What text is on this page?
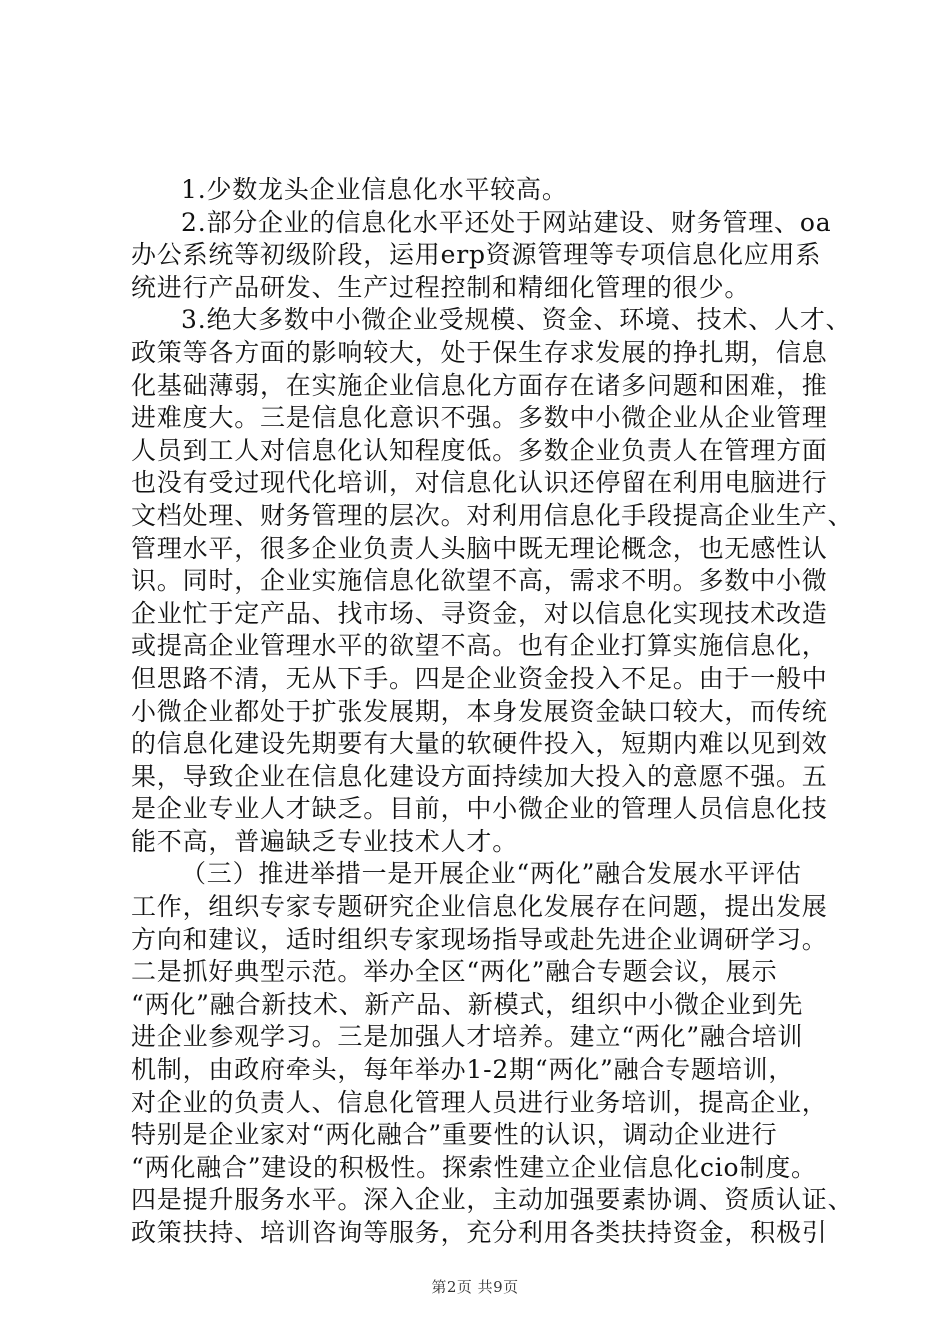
1.少数龙头企业信息化水平较高。
2.部分企业的信息化水平还处于网站建设、财务管理、oa
办公系统等初级阶段，运用erp资源管理等专项信息化应用系
统进行产品研发、生产过程控制和精细化管理的很少。
3.绝大多数中小微企业受规模、资金、环境、技术、人才、
政策等各方面的影响较大，处于保生存求发展的挣扎期，信息
化基础薄弱，在实施企业信息化方面存在诸多问题和困难，推
进难度大。三是信息化意识不强。多数中小微企业从企业管理
人员到工人对信息化认知程度低。多数企业负责人在管理方面
也没有受过现代化培训，对信息化认识还停留在利用电脑进行
文档处理、财务管理的层次。对利用信息化手段提高企业生产、
管理水平，很多企业负责人头脑中既无理论概念，也无感性认
识。同时，企业实施信息化欲望不高，需求不明。多数中小微
企业忙于定产品、找市场、寻资金，对以信息化实现技术改造
或提高企业管理水平的欲望不高。也有企业打算实施信息化，
但思路不清，无从下手。四是企业资金投入不足。由于一般中
小微企业都处于扩张发展期，本身发展资金缺口较大，而传统
的信息化建设先期要有大量的软硬件投入，短期内难以见到效
果，导致企业在信息化建设方面持续加大投入的意愿不强。五
是企业专业人才缺乏。目前，中小微企业的管理人员信息化技
能不高，普遍缺乏专业技术人才。
（三）推进举措一是开展企业“两化”融合发展水平评估
工作，组织专家专题研究企业信息化发展存在问题，提出发展
方向和建议，适时组织专家现场指导或赴先进企业调研学习。
二是抓好典型示范。举办全区“两化”融合专题会议，展示
“两化”融合新技术、新产品、新模式，组织中小微企业到先
进企业参观学习。三是加强人才培养。建立“两化”融合培训
机制，由政府牵头，每年举办1-2期“两化”融合专题培训，
对企业的负责人、信息化管理人员进行业务培训，提高企业，
特别是企业家对“两化融合”重要性的认识，调动企业进行
“两化融合”建设的积极性。探索性建立企业信息化cio制度。
四是提升服务水平。深入企业，主动加强要素协调、资质认证、
政策扶持、培训咨询等服务，充分利用各类扶持资金，积极引
第2页 共9页
